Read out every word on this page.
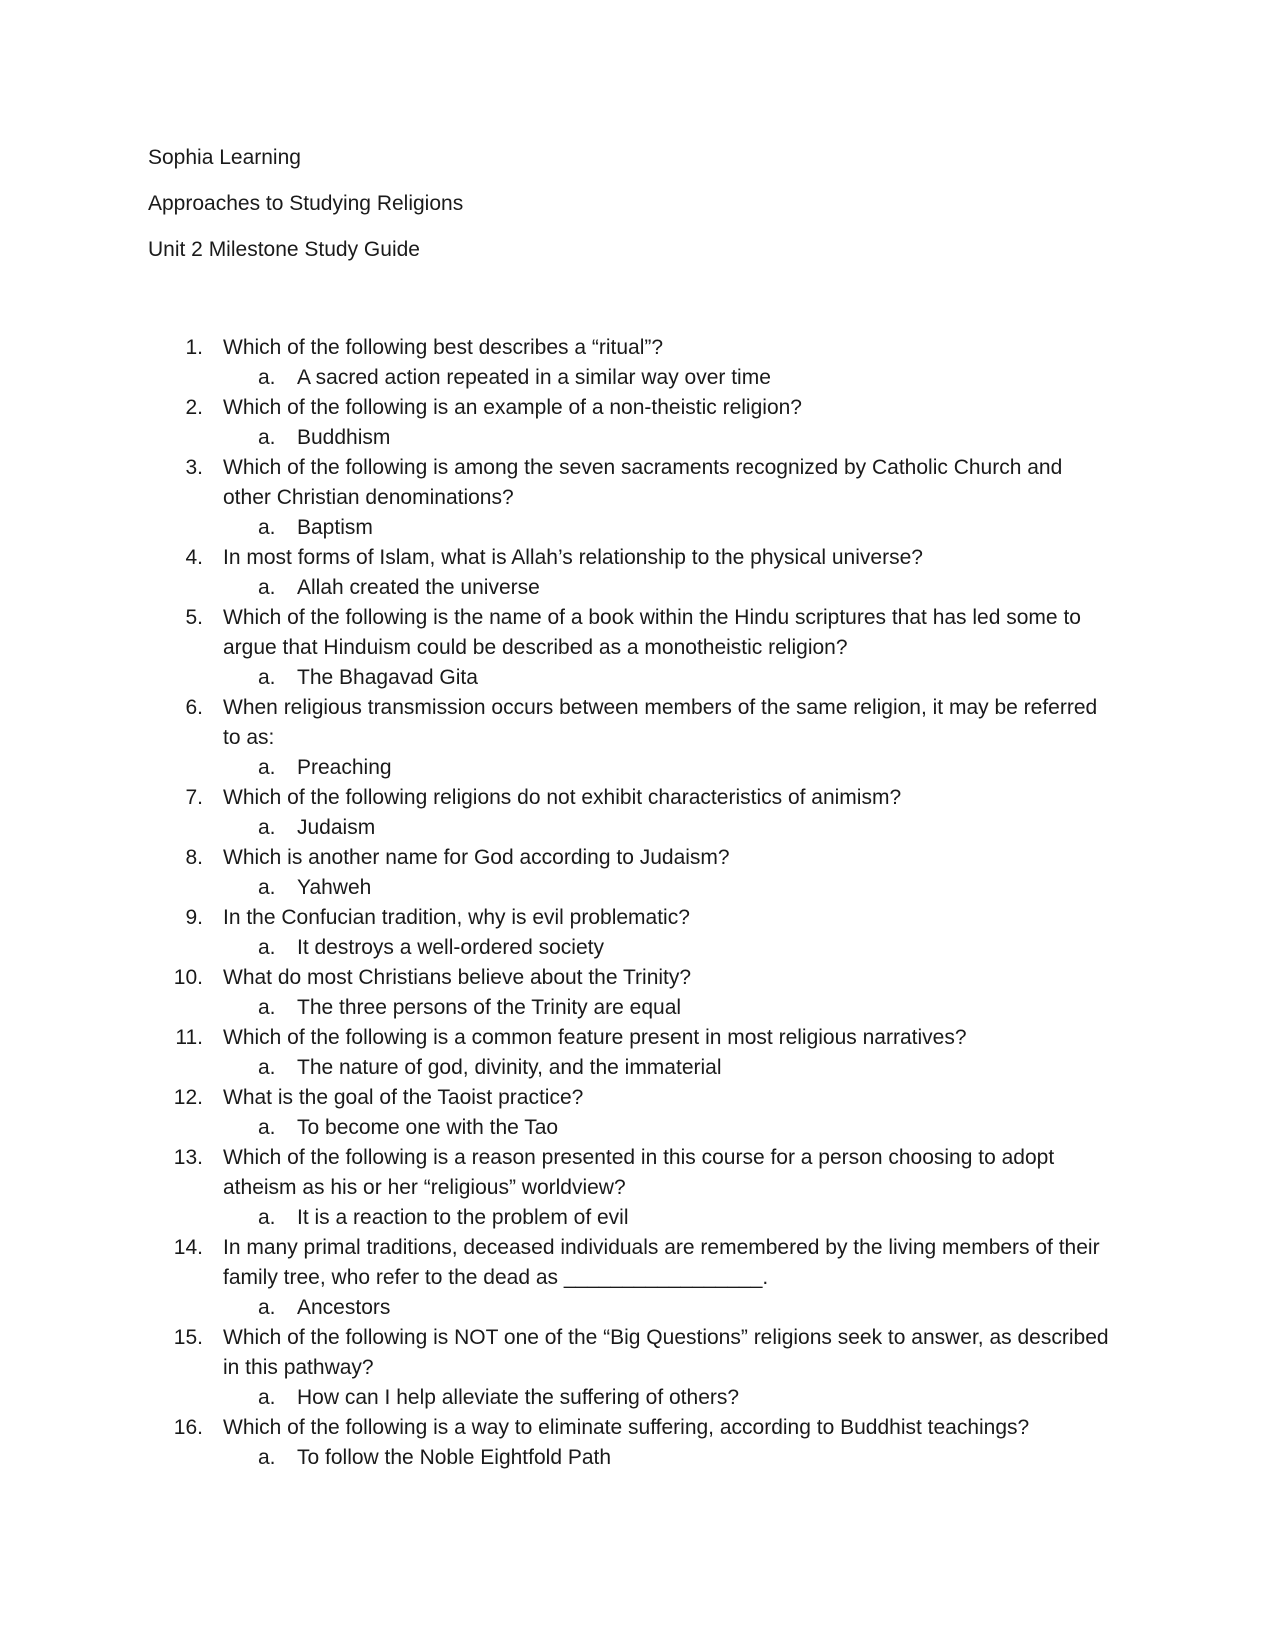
Sophia Learning
Approaches to Studying Religions
Unit 2 Milestone Study Guide
1. Which of the following best describes a “ritual”?
a. A sacred action repeated in a similar way over time
2. Which of the following is an example of a non-theistic religion?
a. Buddhism
3. Which of the following is among the seven sacraments recognized by Catholic Church and other Christian denominations?
a. Baptism
4. In most forms of Islam, what is Allah’s relationship to the physical universe?
a. Allah created the universe
5. Which of the following is the name of a book within the Hindu scriptures that has led some to argue that Hinduism could be described as a monotheistic religion?
a. The Bhagavad Gita
6. When religious transmission occurs between members of the same religion, it may be referred to as:
a. Preaching
7. Which of the following religions do not exhibit characteristics of animism?
a. Judaism
8. Which is another name for God according to Judaism?
a. Yahweh
9. In the Confucian tradition, why is evil problematic?
a. It destroys a well-ordered society
10. What do most Christians believe about the Trinity?
a. The three persons of the Trinity are equal
11. Which of the following is a common feature present in most religious narratives?
a. The nature of god, divinity, and the immaterial
12. What is the goal of the Taoist practice?
a. To become one with the Tao
13. Which of the following is a reason presented in this course for a person choosing to adopt atheism as his or her “religious” worldview?
a. It is a reaction to the problem of evil
14. In many primal traditions, deceased individuals are remembered by the living members of their family tree, who refer to the dead as _________________.
a. Ancestors
15. Which of the following is NOT one of the “Big Questions” religions seek to answer, as described in this pathway?
a. How can I help alleviate the suffering of others?
16. Which of the following is a way to eliminate suffering, according to Buddhist teachings?
a. To follow the Noble Eightfold Path
